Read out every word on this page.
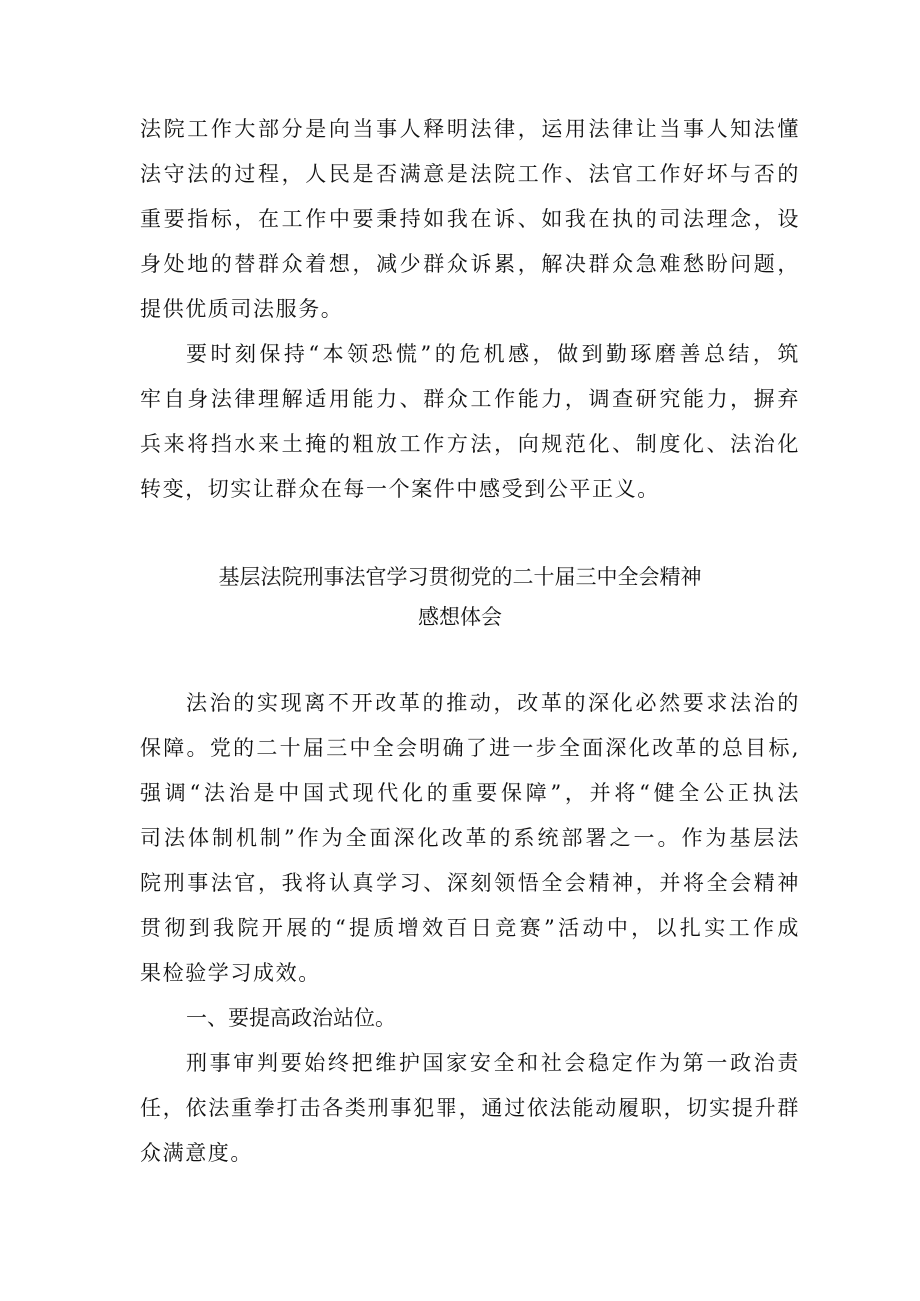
法院工作大部分是向当事人释明法律，运用法律让当事人知法懂
法守法的过程，人民是否满意是法院工作、法官工作好坏与否的
重要指标，在工作中要秉持如我在诉、如我在执的司法理念，设
身处地的替群众着想，减少群众诉累，解决群众急难愁盼问题，
提供优质司法服务。
要时刻保持“本领恐慌”的危机感，做到勤琢磨善总结，筑
牢自身法律理解适用能力、群众工作能力，调查研究能力，摒弃
兵来将挡水来土掩的粗放工作方法，向规范化、制度化、法治化
转变，切实让群众在每一个案件中感受到公平正义。
基层法院刑事法官学习贯彻党的二十届三中全会精神
感想体会
法治的实现离不开改革的推动，改革的深化必然要求法治的
保障。党的二十届三中全会明确了进一步全面深化改革的总目标,
强调“法治是中国式现代化的重要保障”，并将“健全公正执法
司法体制机制”作为全面深化改革的系统部署之一。作为基层法
院刑事法官，我将认真学习、深刻领悟全会精神，并将全会精神
贯彻到我院开展的“提质增效百日竞赛”活动中，以扎实工作成
果检验学习成效。
一、要提高政治站位。
刑事审判要始终把维护国家安全和社会稳定作为第一政治责
任，依法重拳打击各类刑事犯罪，通过依法能动履职，切实提升群
众满意度。
